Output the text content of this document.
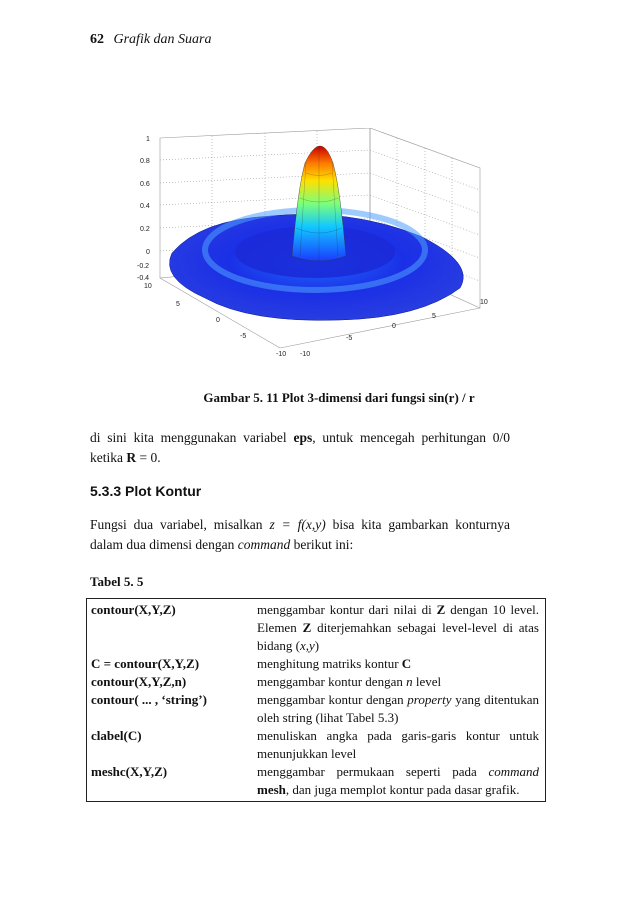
62 Grafik dan Suara
1
0.8
0.6
0.4
0.2
0
-0.2
-0.4
10
5
0
-5
-10 -10
-5
0
5
10
Gambar 5. 11 Plot 3-dimensi dari fungsi sin(r) / r
di sini kita menggunakan variabel eps, untuk mencegah perhitungan 0/0 ketika R = 0.
5.3.3 Plot Kontur
Fungsi dua variabel, misalkan z = f(x,y) bisa kita gambarkan konturnya dalam dua dimensi dengan command berikut ini:
Tabel 5. 5
contour(X,Y,Z)	menggambar kontur dari nilai di Z dengan 10 level. Elemen Z diterjemahkan sebagai level-level di atas bidang (x,y)
C = contour(X,Y,Z)	menghitung matriks kontur C
contour(X,Y,Z,n)	menggambar kontur dengan n level
contour( ... , ‘string’)	menggambar kontur dengan property yang ditentukan oleh string (lihat Tabel 5.3)
clabel(C)	menuliskan angka pada garis-garis kontur untuk menunjukkan level
meshc(X,Y,Z)	menggambar permukaan seperti pada command mesh, dan juga memplot kontur pada dasar grafik.
